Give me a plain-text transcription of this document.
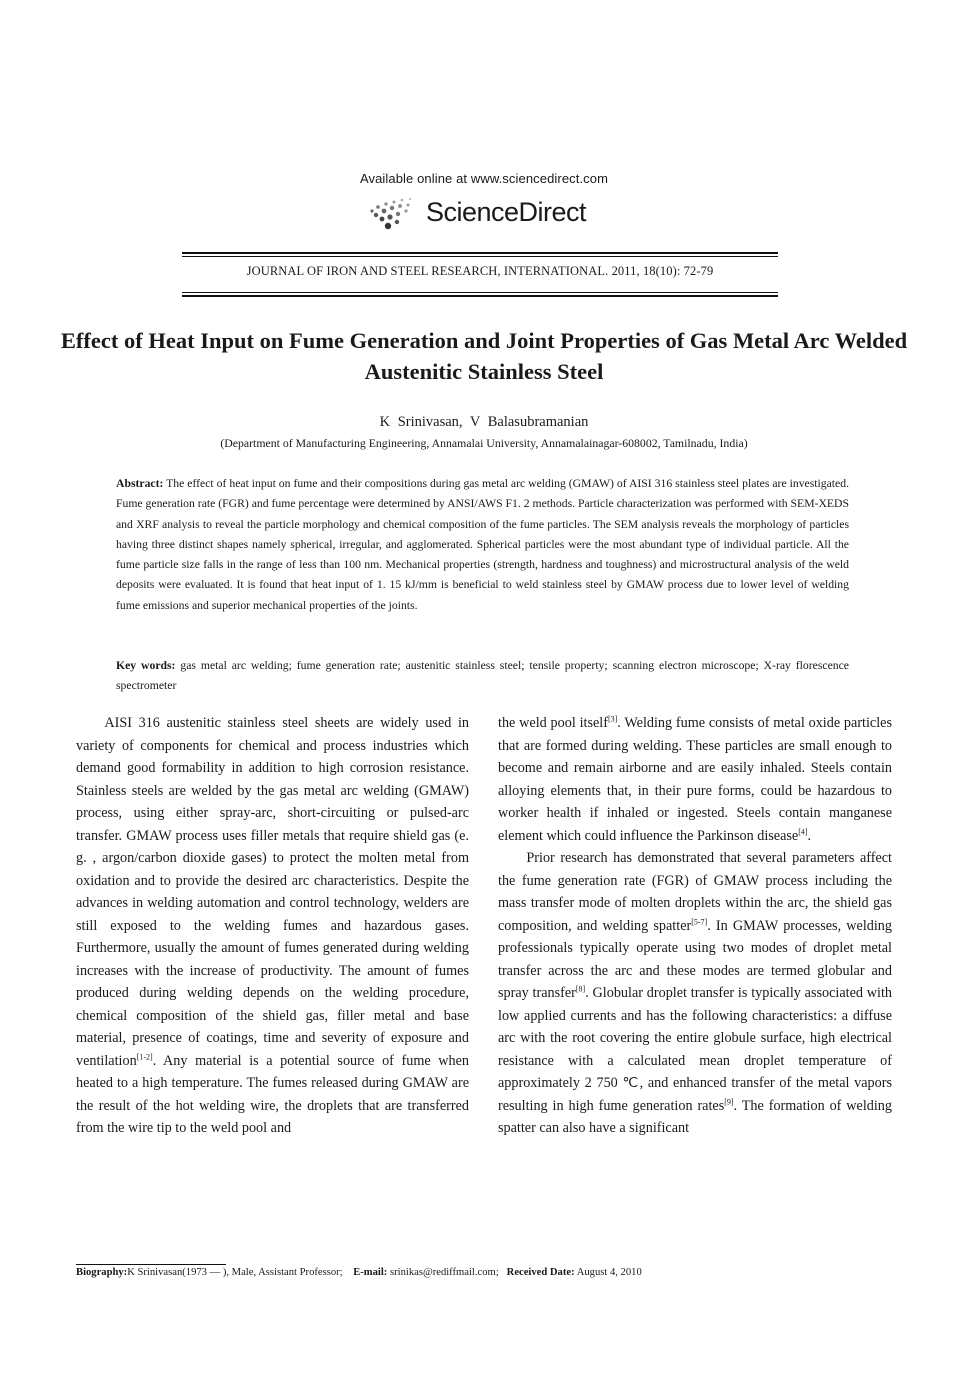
Available online at www.sciencedirect.com
ScienceDirect
JOURNAL OF IRON AND STEEL RESEARCH, INTERNATIONAL. 2011, 18(10): 72-79
Effect of Heat Input on Fume Generation and Joint Properties of Gas Metal Arc Welded Austenitic Stainless Steel
K Srinivasan, V Balasubramanian
(Department of Manufacturing Engineering, Annamalai University, Annamalainagar-608002, Tamilnadu, India)

Abstract: The effect of heat input on fume and their compositions during gas metal arc welding (GMAW) of AISI 316 stainless steel plates are investigated. Fume generation rate (FGR) and fume percentage were determined by ANSI/AWS F1. 2 methods. Particle characterization was performed with SEM-XEDS and XRF analysis to reveal the particle morphology and chemical composition of the fume particles. The SEM analysis reveals the morphology of particles having three distinct shapes namely spherical, irregular, and agglomerated. Spherical particles were the most abundant type of individual particle. All the fume particle size falls in the range of less than 100 nm. Mechanical properties (strength, hardness and toughness) and microstructural analysis of the weld deposits were evaluated. It is found that heat input of 1. 15 kJ/mm is beneficial to weld stainless steel by GMAW process due to lower level of welding fume emissions and superior mechanical properties of the joints.

Key words: gas metal arc welding; fume generation rate; austenitic stainless steel; tensile property; scanning electron microscope; X-ray florescence spectrometer

AISI 316 austenitic stainless steel sheets are widely used in variety of components for chemical and process industries which demand good formability in addition to high corrosion resistance. Stainless steels are welded by the gas metal arc welding (GMAW) process, using either spray-arc, short-circuiting or pulsed-arc transfer. GMAW process uses filler metals that require shield gas (e. g. , argon/carbon dioxide gases) to protect the molten metal from oxidation and to provide the desired arc characteristics. Despite the advances in welding automation and control technology, welders are still exposed to the welding fumes and hazardous gases. Furthermore, usually the amount of fumes generated during welding increases with the increase of productivity. The amount of fumes produced during welding depends on the welding procedure, chemical composition of the shield gas, filler metal and base material, presence of coatings, time and severity of exposure and ventilation[1-2]. Any material is a potential source of fume when heated to a high temperature. The fumes released during GMAW are the result of the hot welding wire, the droplets that are transferred from the wire tip to the weld pool and

the weld pool itself[3]. Welding fume consists of metal oxide particles that are formed during welding. These particles are small enough to become and remain airborne and are easily inhaled. Steels contain alloying elements that, in their pure forms, could be hazardous to worker health if inhaled or ingested. Steels contain manganese element which could influence the Parkinson disease[4].

Prior research has demonstrated that several parameters affect the fume generation rate (FGR) of GMAW process including the mass transfer mode of molten droplets within the arc, the shield gas composition, and welding spatter[5-7]. In GMAW processes, welding professionals typically operate using two modes of droplet metal transfer across the arc and these modes are termed globular and spray transfer[8]. Globular droplet transfer is typically associated with low applied currents and has the following characteristics: a diffuse arc with the root covering the entire globule surface, high electrical resistance with a calculated mean droplet temperature of approximately 2 750 ℃, and enhanced transfer of the metal vapors resulting in high fume generation rates[9]. The formation of welding spatter can also have a significant

Biography:K Srinivasan(1973 — ), Male, Assistant Professor; E-mail: srinikas@rediffmail.com; Received Date: August 4, 2010
